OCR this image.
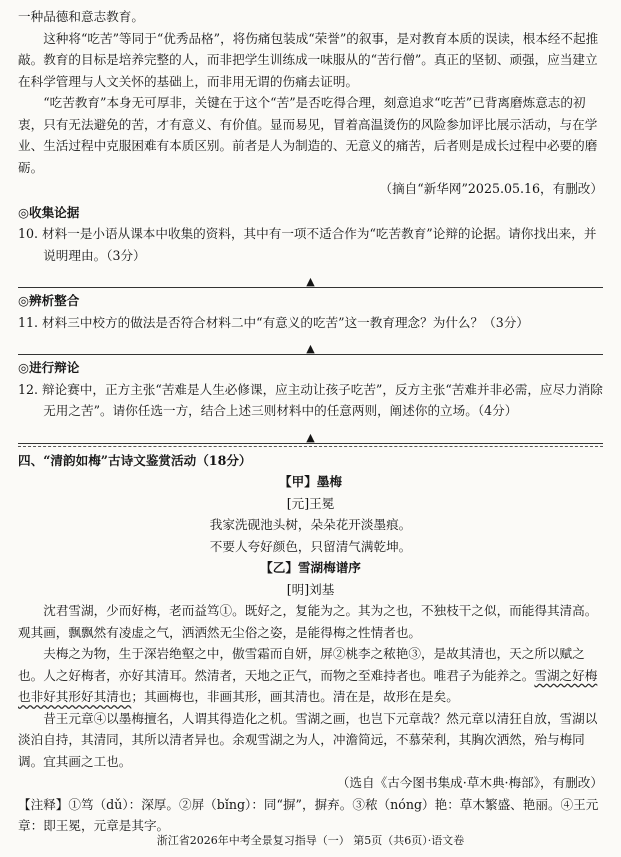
一种品德和意志教育。

这种将“吃苦”等同于“优秀品格”，将伤痛包装成“荣誉”的叙事，是对教育本质的误读，根本经不起推敲。教育的目标是培养完整的人，而非把学生训练成一味服从的“苦行僧”。真正的坚韧、顽强，应当建立在科学管理与人文关怀的基础上，而非用无谓的伤痛去证明。

“吃苦教育”本身无可厚非，关键在于这个“苦”是否吃得合理，刻意追求“吃苦”已背离磨炼意志的初衷，只有无法避免的苦，才有意义、有价值。显而易见，冒着高温烫伤的风险参加评比展示活动，与在学业、生活过程中克服困难有本质区别。前者是人为制造的、无意义的痛苦，后者则是成长过程中必要的磨砺。

（摘自“新华网”2025.05.16，有删改）

◎收集论据

10. 材料一是小语从课本中收集的资料，其中有一项不适合作为“吃苦教育”论辩的论据。请你找出来，并说明理由。（3分）

▲

◎辨析整合

11. 材料三中校方的做法是否符合材料二中“有意义的吃苦”这一教育理念？为什么？（3分）

▲

◎进行辩论

12. 辩论赛中，正方主张“苦难是人生必修课，应主动让孩子吃苦”，反方主张“苦难并非必需，应尽力消除无用之苦”。请你任选一方，结合上述三则材料中的任意两则，阐述你的立场。（4分）

▲

四、“清韵如梅”古诗文鉴赏活动（18分）

【甲】墨梅

[元]王冕

我家洗砚池头树，朵朵花开淡墨痕。

不要人夸好颜色，只留清气满乾坤。

【乙】雪湖梅谱序

[明]刘基

沈君雪湖，少而好梅，老而益笃①。既好之，复能为之。其为之也，不独枝干之似，而能得其清高。观其画，飘飘然有凌虚之气，洒洒然无尘俗之姿，是能得梅之性情者也。

夫梅之为物，生于深岩绝壑之中，傲雪霜而自妍，屏②桃李之秾艳③，是故其清也，天之所以赋之也。人之好梅者，亦好其清耳。然清者，天地之正气，而物之至难持者也。唯君子为能养之。雪湖之好梅也非好其形好其清也；其画梅也，非画其形，画其清也。清在是，故形在是矣。

昔王元章④以墨梅擅名，人谓其得造化之机。雪湖之画，也岂下元章哉？然元章以清狂自放，雪湖以淡泊自持，其清同，其所以清者异也。余观雪湖之为人，冲澹简远，不慕荣利，其胸次洒然，殆与梅同调。宜其画之工也。

（选自《古今图书集成·草木典·梅部》，有删改）

【注释】①笃（dǔ）：深厚。②屏（bǐng）：同“摒”，摒弃。③秾（nóng）艳：草木繁盛、艳丽。④王元章：即王冕，元章是其字。

浙江省2026年中考全景复习指导（一） 第5页（共6页）·语文卷
